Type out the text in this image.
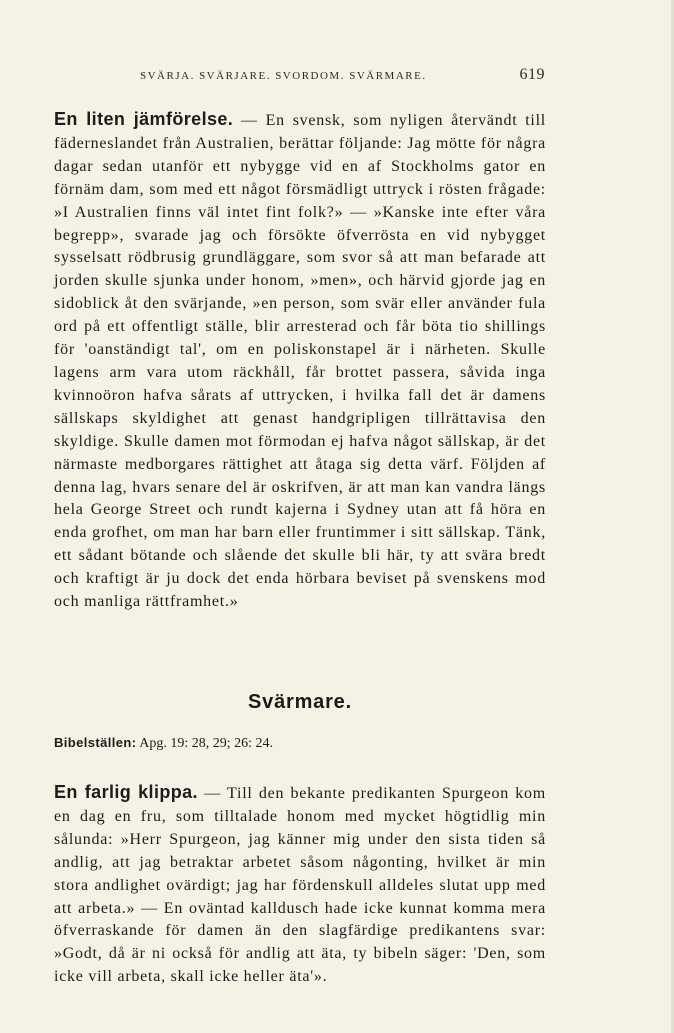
SVÄRJA. SVÄRJARE. SVORDOM. SVÄRMARE.	619

En liten jämförelse. — En svensk, som nyligen återvändt till fäderneslandet från Australien, berättar följande: Jag mötte för några dagar sedan utanför ett nybygge vid en af Stockholms gator en förnäm dam, som med ett något försmädligt uttryck i rösten frågade: »I Australien finns väl intet fint folk?» — »Kanske inte efter våra begrepp», svarade jag och försökte öfverrösta en vid nybygget sysselsatt rödbrusig grundläggare, som svor så att man befarade att jorden skulle sjunka under honom, »men», och härvid gjorde jag en sidoblick åt den svärjande, »en person, som svär eller använder fula ord på ett offentligt ställe, blir arresterad och får böta tio shillings för 'oanständigt tal', om en poliskonstapel är i närheten. Skulle lagens arm vara utom räckhåll, får brottet passera, såvida inga kvinnoöron hafva sårats af uttrycken, i hvilka fall det är damens sällskaps skyldighet att genast handgripligen tillrättavisa den skyldige. Skulle damen mot förmodan ej hafva något sällskap, är det närmaste medborgares rättighet att åtaga sig detta värf. Följden af denna lag, hvars senare del är oskrifven, är att man kan vandra längs hela George Street och rundt kajerna i Sydney utan att få höra en enda grofhet, om man har barn eller fruntimmer i sitt sällskap. Tänk, ett sådant bötande och slående det skulle bli här, ty att svära bredt och kraftigt är ju dock det enda hörbara beviset på svenskens mod och manliga rättframhet.»

Svärmare.
Bibelställen: Apg. 19: 28, 29; 26: 24.

En farlig klippa. — Till den bekante predikanten Spurgeon kom en dag en fru, som tilltalade honom med mycket högtidlig min sålunda: »Herr Spurgeon, jag känner mig under den sista tiden så andlig, att jag betraktar arbetet såsom någonting, hvilket är min stora andlighet ovärdigt; jag har fördenskull alldeles slutat upp med att arbeta.» — En oväntad kalldusch hade icke kunnat komma mera öfverraskande för damen än den slagfärdige predikantens svar: »Godt, då är ni också för andlig att äta, ty bibeln säger: 'Den, som icke vill arbeta, skall icke heller äta'».
